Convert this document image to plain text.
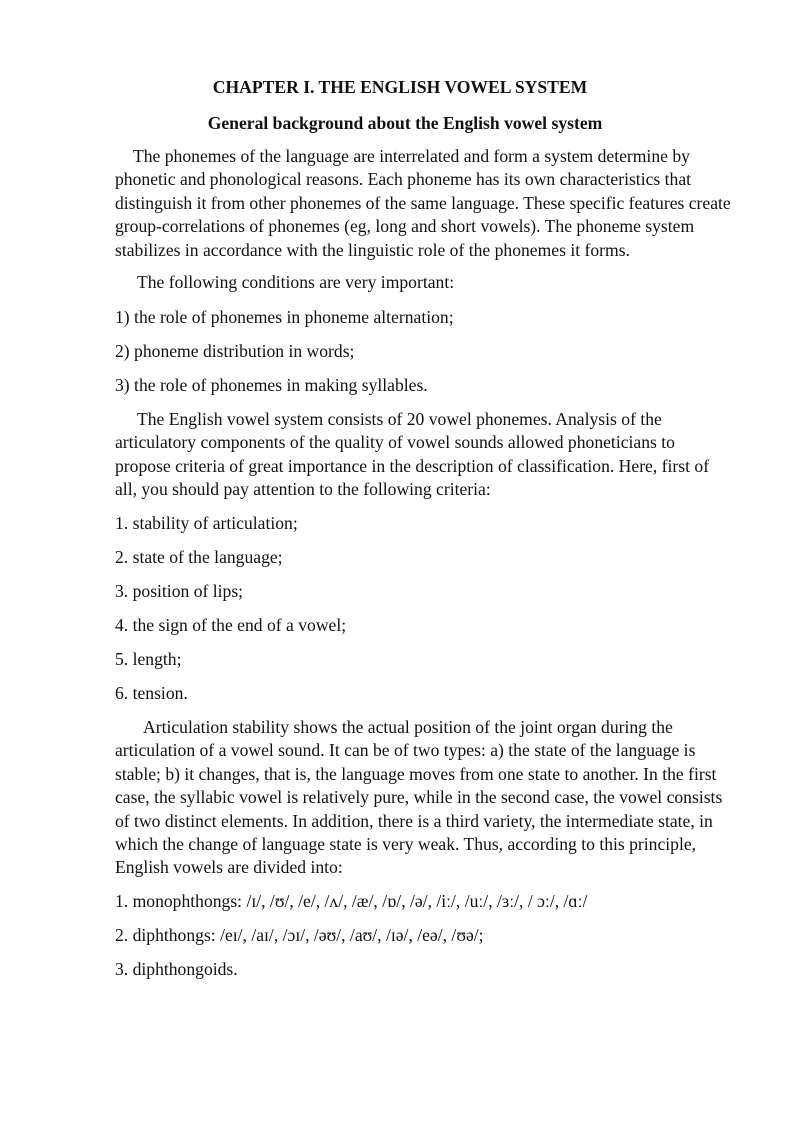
CHAPTER I. THE ENGLISH VOWEL SYSTEM

General background about the English vowel system

The phonemes of the language are interrelated and form a system determine by phonetic and phonological reasons. Each phoneme has its own characteristics that distinguish it from other phonemes of the same language. These specific features create group-correlations of phonemes (eg, long and short vowels). The phoneme system stabilizes in accordance with the linguistic role of the phonemes it forms.

The following conditions are very important:

1) the role of phonemes in phoneme alternation;

2) phoneme distribution in words;

3) the role of phonemes in making syllables.

The English vowel system consists of 20 vowel phonemes. Analysis of the articulatory components of the quality of vowel sounds allowed phoneticians to propose criteria of great importance in the description of classification. Here, first of all, you should pay attention to the following criteria:

1. stability of articulation;

2. state of the language;

3. position of lips;

4. the sign of the end of a vowel;

5. length;

6. tension.

Articulation stability shows the actual position of the joint organ during the articulation of a vowel sound. It can be of two types: a) the state of the language is stable; b) it changes, that is, the language moves from one state to another. In the first case, the syllabic vowel is relatively pure, while in the second case, the vowel consists of two distinct elements. In addition, there is a third variety, the intermediate state, in which the change of language state is very weak. Thus, according to this principle, English vowels are divided into:

1. monophthongs: /ɪ/, /ʊ/, /e/, /ʌ/, /æ/, /ɒ/, /ə/, /iː/, /uː/, /ɜː/, / ɔː/, /ɑː/

2. diphthongs: /eɪ/, /aɪ/, /ɔɪ/, /əʊ/, /aʊ/, /ɪə/, /eə/, /ʊə/;

3. diphthongoids.
